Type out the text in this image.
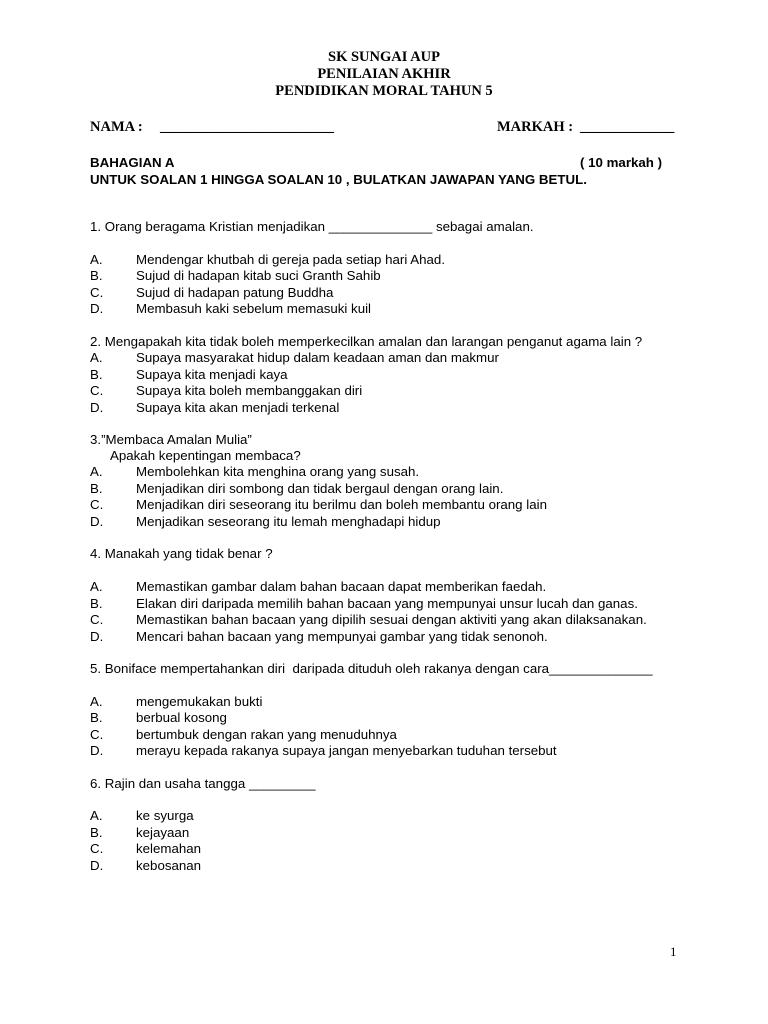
SK SUNGAI AUP
PENILAIAN AKHIR
PENDIDIKAN MORAL TAHUN 5
NAMA : ________________________	MARKAH : _____________
BAHAGIAN A	( 10 markah )
UNTUK SOALAN 1 HINGGA SOALAN 10 , BULATKAN JAWAPAN YANG BETUL.
1. Orang beragama Kristian menjadikan ______________ sebagai amalan.
A.	Mendengar khutbah di gereja pada setiap hari Ahad.
B.	Sujud di hadapan kitab suci Granth Sahib
C. Sujud di hadapan patung Buddha
D. Membasuh kaki sebelum memasuki kuil
2. Mengapakah kita tidak boleh memperkecilkan amalan dan larangan penganut agama lain ?
A.	Supaya masyarakat hidup dalam keadaan aman dan makmur
B.	Supaya kita menjadi kaya
C. Supaya kita boleh membanggakan diri
D. Supaya kita akan menjadi terkenal
3.”Membaca Amalan Mulia”
Apakah kepentingan membaca?
A.	Membolehkan kita menghina orang yang susah.
B.	Menjadikan diri sombong dan tidak bergaul dengan orang lain.
C. Menjadikan diri seseorang itu berilmu dan boleh membantu orang lain
D. Menjadikan seseorang itu lemah menghadapi hidup
4. Manakah yang tidak benar ?
A.	Memastikan gambar dalam bahan bacaan dapat memberikan faedah.
B.	Elakan diri daripada memilih bahan bacaan yang mempunyai unsur lucah dan ganas.
C. Memastikan bahan bacaan yang dipilih sesuai dengan aktiviti yang akan dilaksanakan.
D. Mencari bahan bacaan yang mempunyai gambar yang tidak senonoh.
5. Boniface mempertahankan diri  daripada dituduh oleh rakanya dengan cara______________
A.	mengemukakan bukti
B.	berbual kosong
C. bertumbuk dengan rakan yang menuduhnya
D. merayu kepada rakanya supaya jangan menyebarkan tuduhan tersebut
6. Rajin dan usaha tangga _________
A.	ke syurga
B.	kejayaan
C. kelemahan
D. kebosanan
1
